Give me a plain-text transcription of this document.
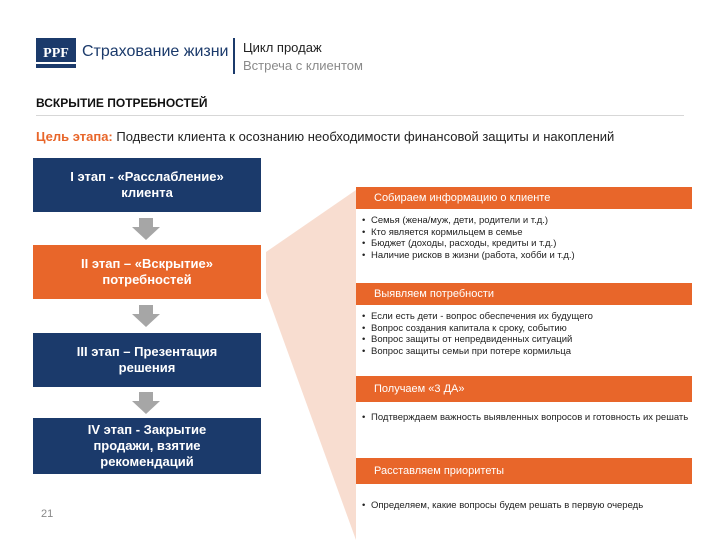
PPF Страхование жизни Цикл продаж
Встреча с клиентом
ВСКРЫТИЕ ПОТРЕБНОСТЕЙ
Цель этапа: Подвести клиента к осознанию необходимости финансовой защиты и накоплений
I этап - «Расслабление»
клиента
II этап – «Вскрытие»
потребностей
III этап – Презентация
решения
IV этап - Закрытие
продажи, взятие
рекомендаций
Собираем информацию о клиенте
• Семья (жена/муж, дети, родители и т.д.)
• Кто является кормильцем в семье
• Бюджет (доходы, расходы, кредиты и т.д.)
• Наличие рисков в жизни (работа, хобби и т.д.)
Выявляем потребности
• Если есть дети - вопрос обеспечения их будущего
• Вопрос создания капитала к сроку, событию
• Вопрос защиты от непредвиденных ситуаций
• Вопрос защиты семьи при потере кормильца
Получаем «3 ДА»
• Подтверждаем важность выявленных вопросов и готовность их решать
Расставляем приоритеты
• Определяем, какие вопросы будем решать в первую очередь
21
